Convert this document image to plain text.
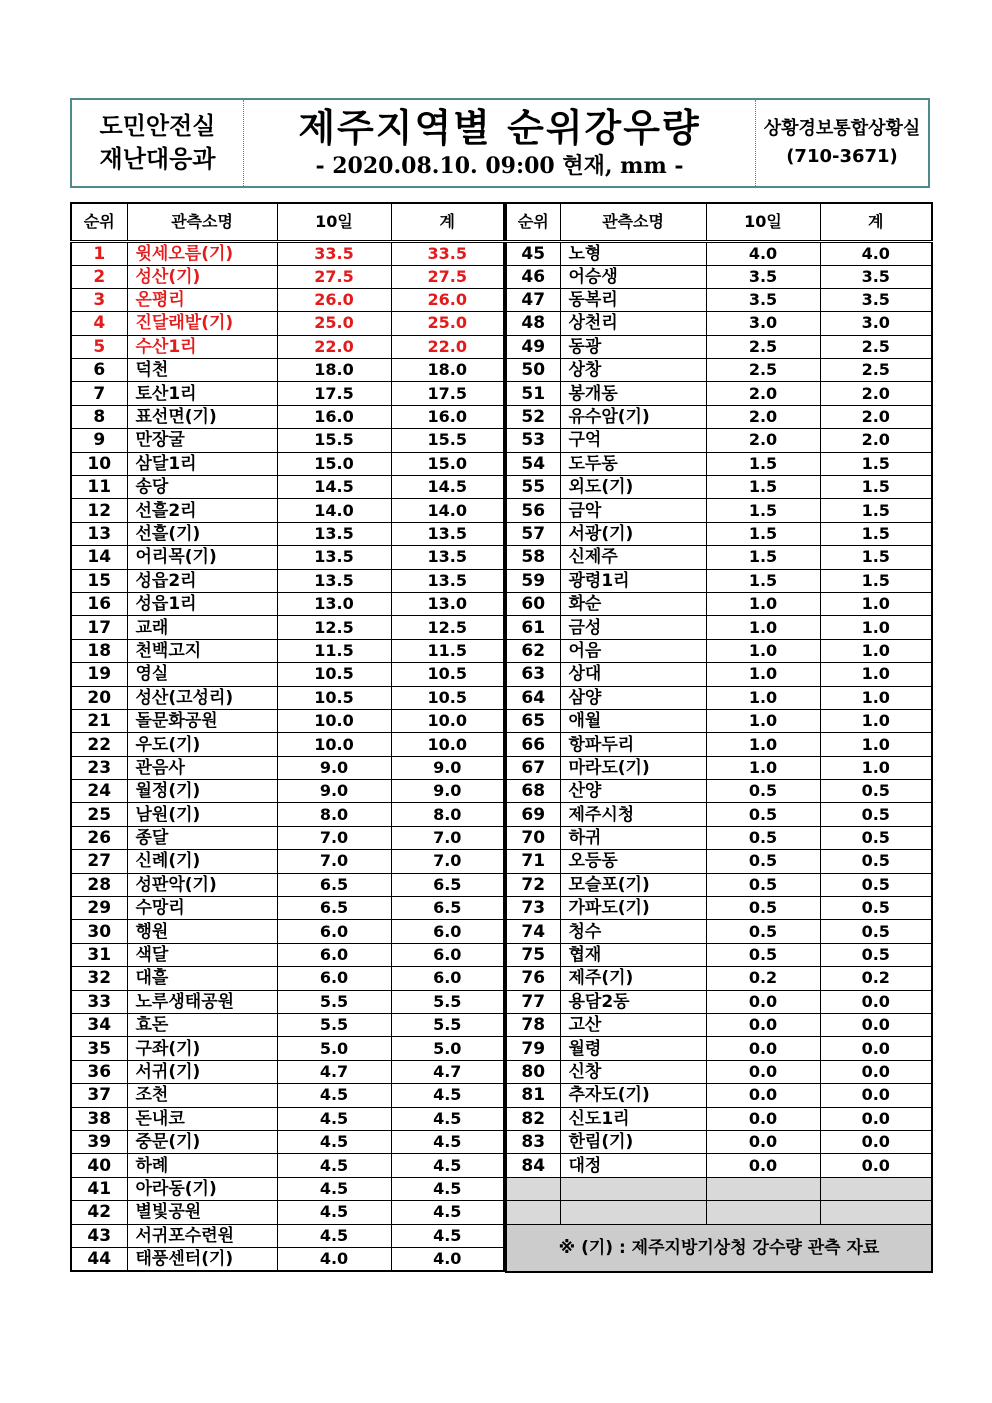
도민안전실
재난대응과
제주지역별 순위강우량
- 2020.08.10. 09:00 현재, mm -
상황경보통합상황실
(710-3671)
순위	관측소명	10일	계
1	윗세오름(기)	33.5	33.5
2	성산(기)	27.5	27.5
3	온평리	26.0	26.0
4	진달래밭(기)	25.0	25.0
5	수산1리	22.0	22.0
6	덕천	18.0	18.0
7	토산1리	17.5	17.5
8	표선면(기)	16.0	16.0
9	만장굴	15.5	15.5
10	삼달1리	15.0	15.0
11	송당	14.5	14.5
12	선흘2리	14.0	14.0
13	선흘(기)	13.5	13.5
14	어리목(기)	13.5	13.5
15	성읍2리	13.5	13.5
16	성읍1리	13.0	13.0
17	교래	12.5	12.5
18	천백고지	11.5	11.5
19	영실	10.5	10.5
20	성산(고성리)	10.5	10.5
21	돌문화공원	10.0	10.0
22	우도(기)	10.0	10.0
23	관음사	9.0	9.0
24	월정(기)	9.0	9.0
25	남원(기)	8.0	8.0
26	종달	7.0	7.0
27	신례(기)	7.0	7.0
28	성판악(기)	6.5	6.5
29	수망리	6.5	6.5
30	행원	6.0	6.0
31	색달	6.0	6.0
32	대흘	6.0	6.0
33	노루생태공원	5.5	5.5
34	효돈	5.5	5.5
35	구좌(기)	5.0	5.0
36	서귀(기)	4.7	4.7
37	조천	4.5	4.5
38	돈내코	4.5	4.5
39	중문(기)	4.5	4.5
40	하례	4.5	4.5
41	아라동(기)	4.5	4.5
42	별빛공원	4.5	4.5
43	서귀포수련원	4.5	4.5
44	태풍센터(기)	4.0	4.0
순위	관측소명	10일	계
45	노형	4.0	4.0
46	어승생	3.5	3.5
47	동복리	3.5	3.5
48	상천리	3.0	3.0
49	동광	2.5	2.5
50	상창	2.5	2.5
51	봉개동	2.0	2.0
52	유수암(기)	2.0	2.0
53	구억	2.0	2.0
54	도두동	1.5	1.5
55	외도(기)	1.5	1.5
56	금악	1.5	1.5
57	서광(기)	1.5	1.5
58	신제주	1.5	1.5
59	광령1리	1.5	1.5
60	화순	1.0	1.0
61	금성	1.0	1.0
62	어음	1.0	1.0
63	상대	1.0	1.0
64	삼양	1.0	1.0
65	애월	1.0	1.0
66	항파두리	1.0	1.0
67	마라도(기)	1.0	1.0
68	산양	0.5	0.5
69	제주시청	0.5	0.5
70	하귀	0.5	0.5
71	오등동	0.5	0.5
72	모슬포(기)	0.5	0.5
73	가파도(기)	0.5	0.5
74	청수	0.5	0.5
75	협재	0.5	0.5
76	제주(기)	0.2	0.2
77	용담2동	0.0	0.0
78	고산	0.0	0.0
79	월령	0.0	0.0
80	신창	0.0	0.0
81	추자도(기)	0.0	0.0
82	신도1리	0.0	0.0
83	한림(기)	0.0	0.0
84	대정	0.0	0.0

※ (기) : 제주지방기상청 강수량 관측 자료			
